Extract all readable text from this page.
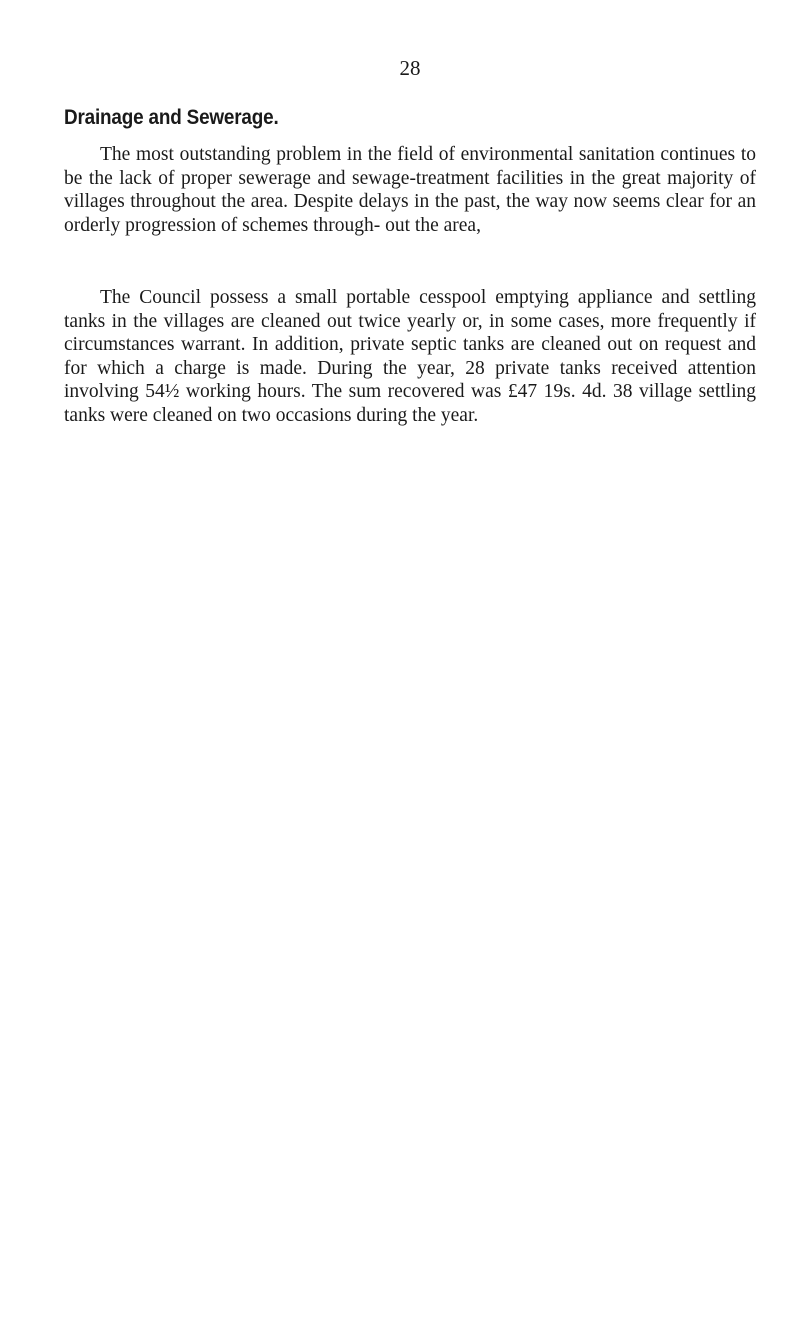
28
Drainage and Sewerage.

The most outstanding problem in the field of environmental sanitation continues to be the lack of proper sewerage and sewage-treatment facilities in the great majority of villages throughout the area. Despite delays in the past, the way now seems clear for an orderly progression of schemes through- out the area,

The Council possess a small portable cesspool emptying appliance and settling tanks in the villages are cleaned out twice yearly or, in some cases, more frequently if circumstances warrant. In addition, private septic tanks are cleaned out on request and for which a charge is made. During the year, 28 private tanks received attention involving 54½ working hours. The sum recovered was £47 19s. 4d. 38 village settling tanks were cleaned on two occasions during the year.
